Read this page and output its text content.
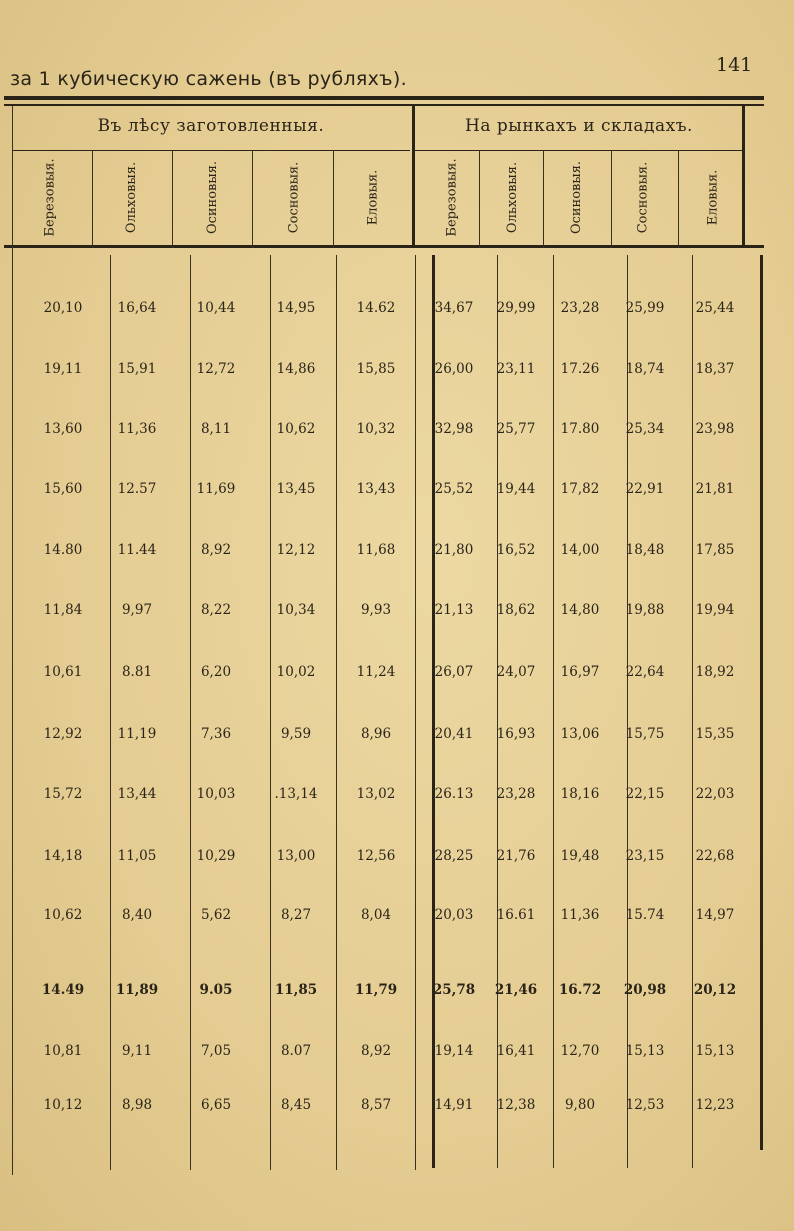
за 1 кубическую сажень (въ рубляхъ).
141
Въ лѣсу заготовленныя.	На рынкахъ и складахъ.
Березовыя.	Ольховыя.	Осиновыя.	Сосновыя.	Еловыя.	Березовыя.	Ольховыя.	Осиновыя.	Сосновыя.	Еловыя.
20,10	16,64	10,44	14,95	14.62	34,67	29,99	23,28	25,99	25,44
19,11	15,91	12,72	14,86	15,85	26,00	23,11	17.26	18,74	18,37
13,60	11,36	8,11	10,62	10,32	32,98	25,77	17.80	25,34	23,98
15,60	12.57	11,69	13,45	13,43	25,52	19,44	17,82	22,91	21,81
14.80	11.44	8,92	12,12	11,68	21,80	16,52	14,00	18,48	17,85
11,84	9,97	8,22	10,34	9,93	21,13	18,62	14,80	19,88	19,94
10,61	8.81	6,20	10,02	11,24	26,07	24,07	16,97	22,64	18,92
12,92	11,19	7,36	9,59	8,96	20,41	16,93	13,06	15,75	15,35
15,72	13,44	10,03	.13,14	13,02	26.13	23,28	18,16	22,15	22,03
14,18	11,05	10,29	13,00	12,56	28,25	21,76	19,48	23,15	22,68
10,62	8,40	5,62	8,27	8,04	20,03	16.61	11,36	15.74	14,97
14.49	11,89	9.05	11,85	11,79	25,78	21,46	16.72	20,98	20,12
10,81	9,11	7,05	8.07	8,92	19,14	16,41	12,70	15,13	15,13
10,12	8,98	6,65	8,45	8,57	14,91	12,38	9,80	12,53	12,23
